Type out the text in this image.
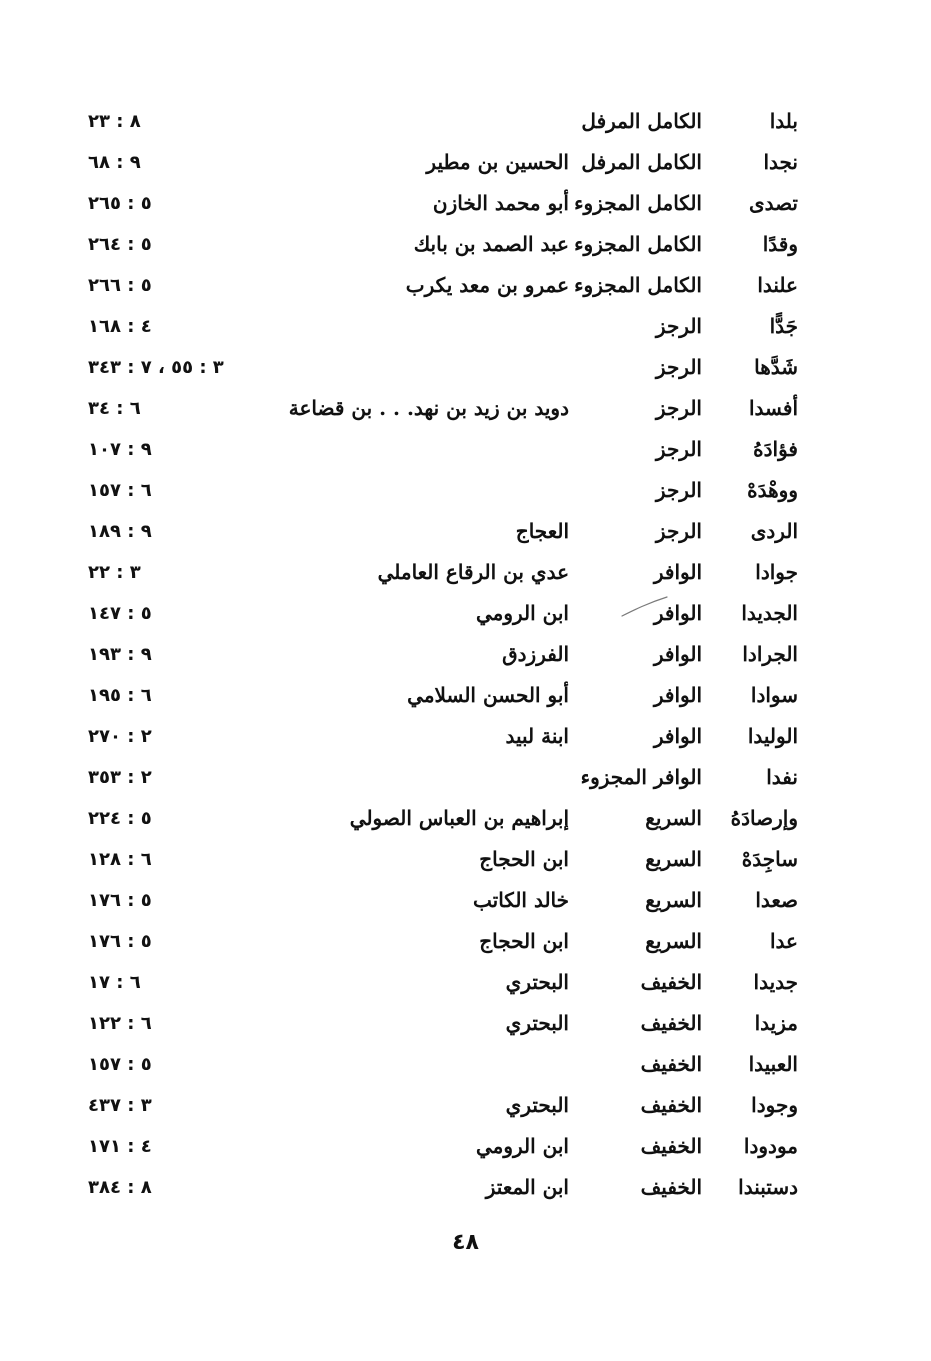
بلدا
الكامل المرفل
٨ : ٢٣
نجدا
الكامل المرفل
الحسين بن مطير
٩ : ٦٨
تصدى
الكامل المجزوء
أبو محمد الخازن
٥ : ٢٦٥
وقدًا
الكامل المجزوء
عبد الصمد بن بابك
٥ : ٢٦٤
علندا
الكامل المجزوء
عمرو بن معد يكرب
٥ : ٢٦٦
جَدًّا
الرجز
٤ : ١٦٨
شَدَّها
الرجز
٣ : ٥٥ ، ٧ : ٣٤٣
أفسدا
الرجز
دويد بن زيد بن نهد. . . بن قضاعة
٦ : ٣٤
فؤادَهُ
الرجز
٩ : ١٠٧
ووهْدَهْ
الرجز
٦ : ١٥٧
الردى
الرجز
العجاج
٩ : ١٨٩
جوادا
الوافر
عدي بن الرقاع العاملي
٣ : ٢٢
الجديدا
الوافر
ابن الرومي
٥ : ١٤٧
الجرادا
الوافر
الفرزدق
٩ : ١٩٣
سوادا
الوافر
أبو الحسن السلامي
٦ : ١٩٥
الوليدا
الوافر
ابنة لبيد
٢ : ٢٧٠
نفدا
الوافر المجزوء
٢ : ٣٥٣
وإرصادَهُ
السريع
إبراهيم بن العباس الصولي
٥ : ٢٢٤
ساجِدَهْ
السريع
ابن الحجاج
٦ : ١٢٨
صعدا
السريع
خالد الكاتب
٥ : ١٧٦
عدا
السريع
ابن الحجاج
٥ : ١٧٦
جديدا
الخفيف
البحتري
٦ : ١٧
مزيدا
الخفيف
البحتري
٦ : ١٢٢
العبيدا
الخفيف
٥ : ١٥٧
وجودا
الخفيف
البحتري
٣ : ٤٣٧
مودودا
الخفيف
ابن الرومي
٤ : ١٧١
دستبندا
الخفيف
ابن المعتز
٨ : ٣٨٤
٤٨
